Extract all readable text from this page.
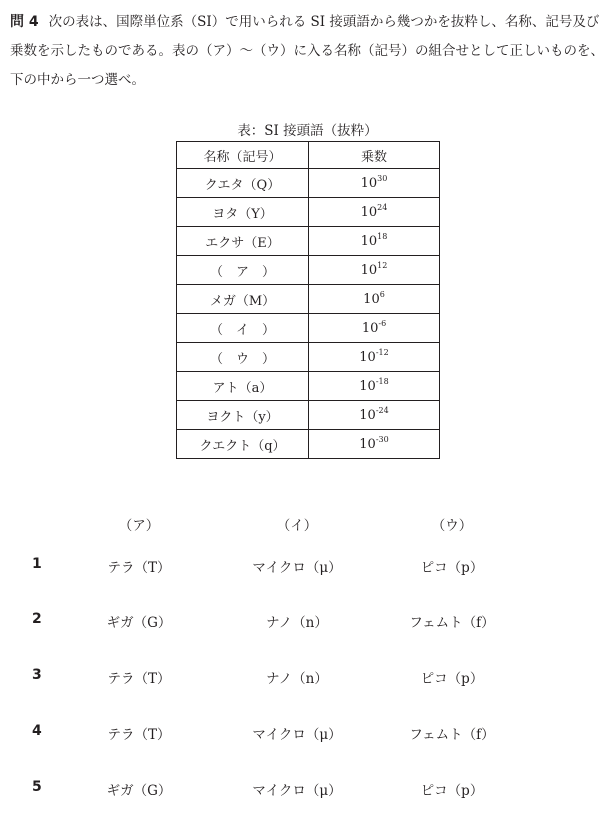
問 4 次の表は、国際単位系（SI）で用いられる SI 接頭語から幾つかを抜粋し、名称、記号及び乗数を示したものである。表の（ア）〜（ウ）に入る名称（記号）の組合せとして正しいものを、下の中から一つ選べ。

表：SI 接頭語（抜粋）
名称（記号）	乗数
クエタ（Q）	$10^{30}$
ヨタ（Y）	$10^{24}$
エクサ（E）	$10^{18}$
（　ア　）	$10^{12}$
メガ（M）	$10^6$
（　イ　）	$10^{-6}$
（　ウ　）	$10^{-12}$
アト（a）	$10^{-18}$
ヨクト（y）	$10^{-24}$
クエクト（q）	$10^{-30}$
（ア）	（イ）	（ウ）
1	テラ（T）	マイクロ（μ）	ピコ（p）
2	ギガ（G）	ナノ（n）	フェムト（f）
3	テラ（T）	ナノ（n）	ピコ（p）
4	テラ（T）	マイクロ（μ）	フェムト（f）
5	ギガ（G）	マイクロ（μ）	ピコ（p）
